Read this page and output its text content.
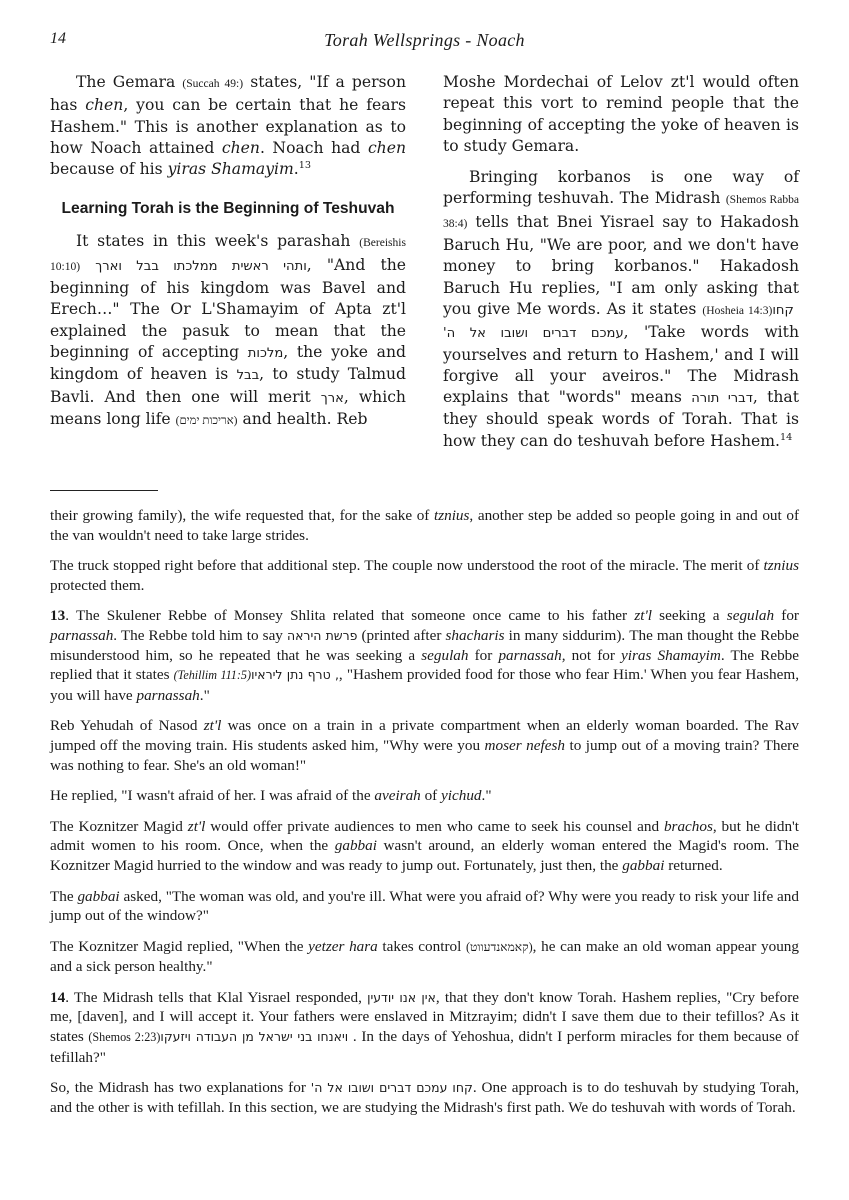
14	Torah Wellsprings - Noach

The Gemara (Succah 49:) states, "If a person has chen, you can be certain that he fears Hashem." This is another explanation as to how Noach attained chen. Noach had chen because of his yiras Shamayim.$^{13}$

Learning Torah is the Beginning of Teshuvah

It states in this week's parashah (Bereishis 10:10) ותהי ראשית ממלכתו בבל וארך, "And the beginning of his kingdom was Bavel and Erech…" The Or L'Shamayim of Apta zt'l explained the pasuk to mean that the beginning of accepting מלכות, the yoke and kingdom of heaven is בבל, to study Talmud Bavli. And then one will merit ארך, which means long life (אריכות ימים) and health. Reb

Moshe Mordechai of Lelov zt'l would often repeat this vort to remind people that the beginning of accepting the yoke of heaven is to study Gemara.

Bringing korbanos is one way of performing teshuvah. The Midrash (Shemos Rabba 38:4) tells that Bnei Yisrael say to Hakadosh Baruch Hu, "We are poor, and we don't have money to bring korbanos." Hakadosh Baruch Hu replies, "I am only asking that you give Me words. As it states (Hosheia 14:3) קחו עמכם דברים ושובו אל ה', 'Take words with yourselves and return to Hashem,' and I will forgive all your aveiros." The Midrash explains that "words" means דברי תורה, that they should speak words of Torah. That is how they can do teshuvah before Hashem.$^{14}$

their growing family), the wife requested that, for the sake of tznius, another step be added so people going in and out of the van wouldn't need to take large strides.

The truck stopped right before that additional step. The couple now understood the root of the miracle. The merit of tznius protected them.

13. The Skulener Rebbe of Monsey Shlita related that someone once came to his father zt'l seeking a segulah for parnassah. The Rebbe told him to say פרשת היראה (printed after shacharis in many siddurim). The man thought the Rebbe misunderstood him, so he repeated that he was seeking a segulah for parnassah, not for yiras Shamayim. The Rebbe replied that it states (Tehillim 111:5), טרף נתן ליראיו, "Hashem provided food for those who fear Him.' When you fear Hashem, you will have parnassah."

Reb Yehudah of Nasod zt'l was once on a train in a private compartment when an elderly woman boarded. The Rav jumped off the moving train. His students asked him, "Why were you moser nefesh to jump out of a moving train? There was nothing to fear. She's an old woman!"

He replied, "I wasn't afraid of her. I was afraid of the aveirah of yichud."

The Koznitzer Magid zt'l would offer private audiences to men who came to seek his counsel and brachos, but he didn't admit women to his room. Once, when the gabbai wasn't around, an elderly woman entered the Magid's room. The Koznitzer Magid hurried to the window and was ready to jump out. Fortunately, just then, the gabbai returned.

The gabbai asked, "The woman was old, and you're ill. What were you afraid of? Why were you ready to risk your life and jump out of the window?"

The Koznitzer Magid replied, "When the yetzer hara takes control (קאמאנדעווט), he can make an old woman appear young and a sick person healthy."

14. The Midrash tells that Klal Yisrael responded, אין אנו יודעין, that they don't know Torah. Hashem replies, "Cry before me, [daven], and I will accept it. Your fathers were enslaved in Mitzrayim; didn't I save them due to their tefillos? As it states (Shemos 2:23) ויאנחו בני ישראל מן העבודה ויזעקו. In the days of Yehoshua, didn't I perform miracles for them because of tefillah?"

So, the Midrash has two explanations for קחו עמכם דברים ושובו אל ה'. One approach is to do teshuvah by studying Torah, and the other is with tefillah. In this section, we are studying the Midrash's first path. We do teshuvah with words of Torah.
